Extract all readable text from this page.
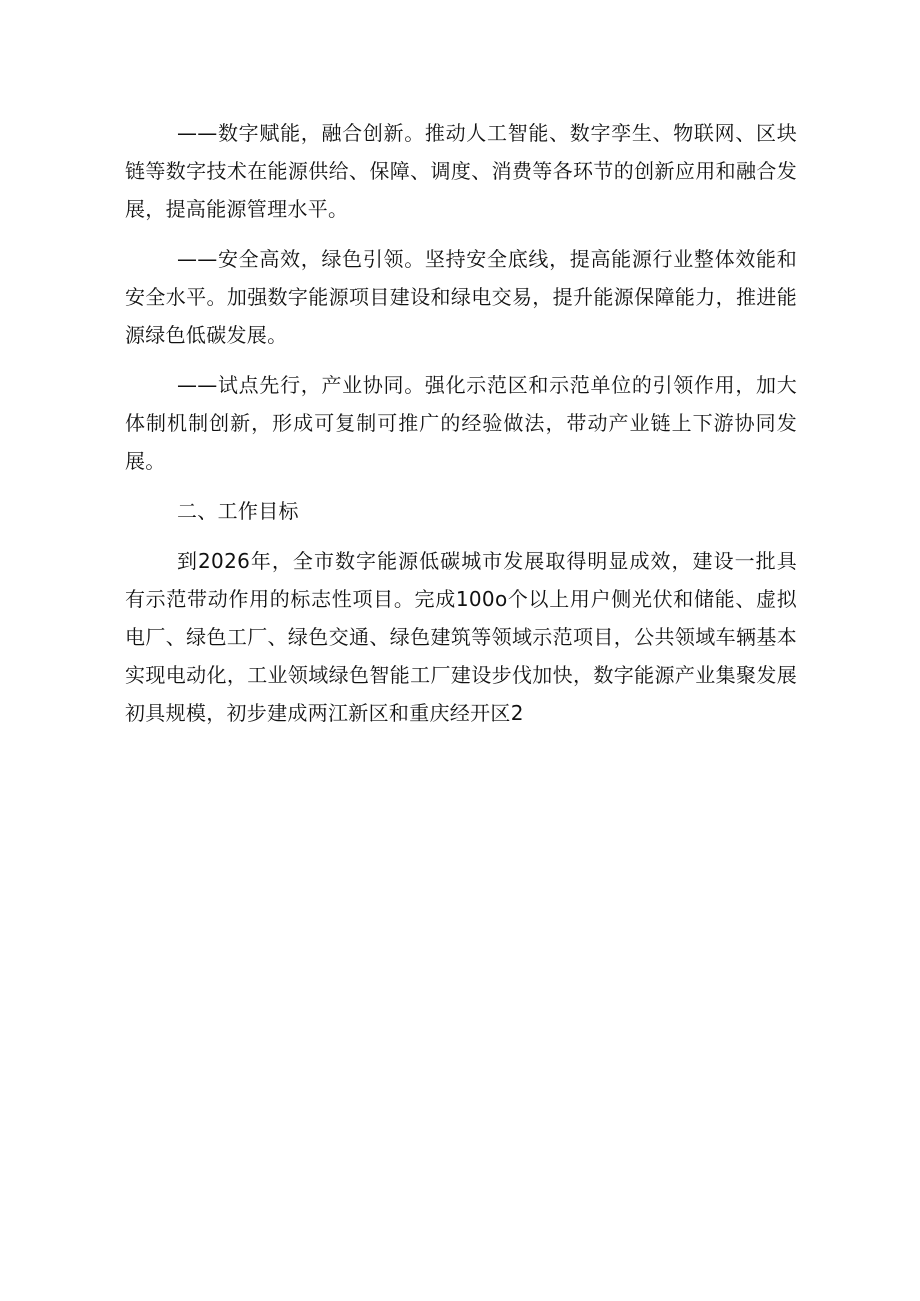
——数字赋能，融合创新。推动人工智能、数字孪生、物联网、区块链等数字技术在能源供给、保障、调度、消费等各环节的创新应用和融合发展，提高能源管理水平。

——安全高效，绿色引领。坚持安全底线，提高能源行业整体效能和安全水平。加强数字能源项目建设和绿电交易，提升能源保障能力，推进能源绿色低碳发展。

——试点先行，产业协同。强化示范区和示范单位的引领作用，加大体制机制创新，形成可复制可推广的经验做法，带动产业链上下游协同发展。

二、工作目标

到2026年，全市数字能源低碳城市发展取得明显成效，建设一批具有示范带动作用的标志性项目。完成100o个以上用户侧光伏和储能、虚拟电厂、绿色工厂、绿色交通、绿色建筑等领域示范项目，公共领域车辆基本实现电动化，工业领域绿色智能工厂建设步伐加快，数字能源产业集聚发展初具规模，初步建成两江新区和重庆经开区2
